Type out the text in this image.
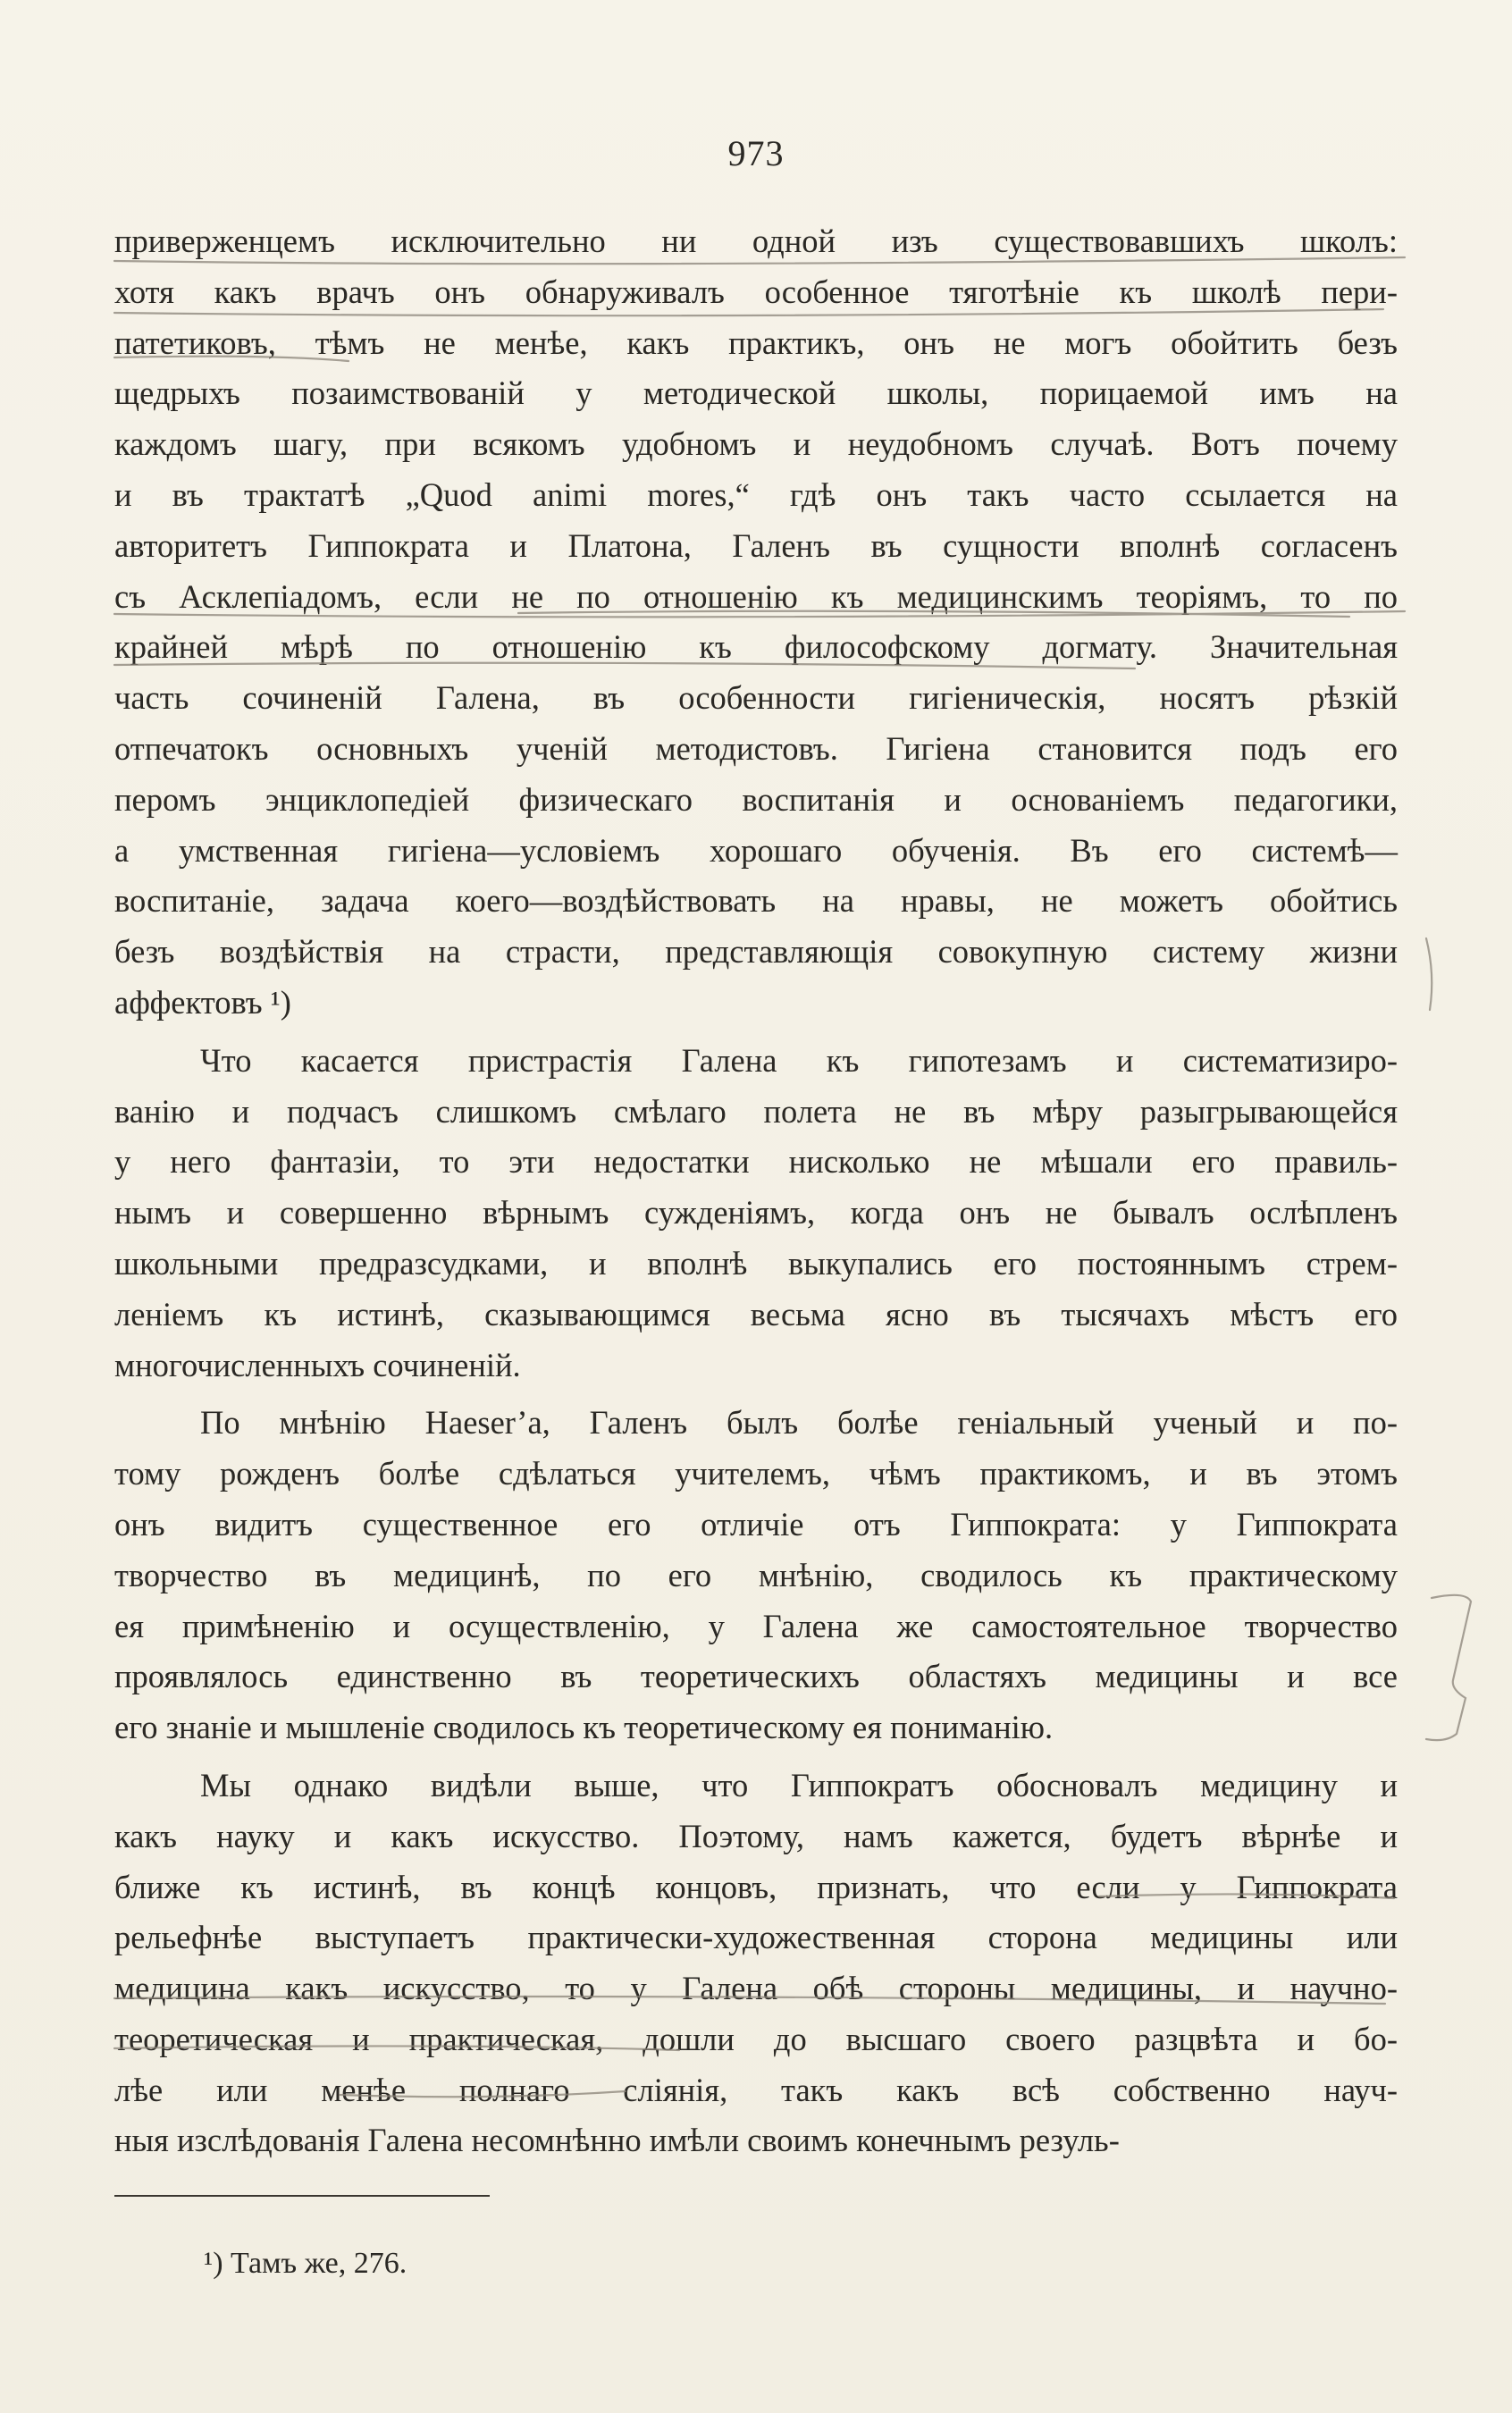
973
приверженцемъ исключительно ни одной изъ существовавшихъ школъ:
хотя какъ врачъ онъ обнаруживалъ особенное тяготѣніе къ школѣ пери-
патетиковъ, тѣмъ не менѣе, какъ практикъ, онъ не могъ обойтить безъ
щедрыхъ позаимствованій у методической школы, порицаемой имъ на
каждомъ шагу, при всякомъ удобномъ и неудобномъ случаѣ. Вотъ почему
и въ трактатѣ „Quod animi mores,“ гдѣ онъ такъ часто ссылается на
авторитетъ Гиппократа и Платона, Галенъ въ сущности вполнѣ согласенъ
съ Асклепіадомъ, если не по отношенію къ медицинскимъ теоріямъ, то по
крайней мѣрѣ по отношенію къ философскому догмату. Значительная
часть сочиненій Галена, въ особенности гигіеническія, носятъ рѣзкій
отпечатокъ основныхъ ученій методистовъ. Гигіена становится подъ его
перомъ энциклопедіей физическаго воспитанія и основаніемъ педагогики,
а умственная гигіена—условіемъ хорошаго обученія. Въ его системѣ—
воспитаніе, задача коего—воздѣйствовать на нравы, не можетъ обойтись
безъ воздѣйствія на страсти, представляющія совокупную систему жизни
аффектовъ ¹)
Что касается пристрастія Галена къ гипотезамъ и систематизиро-
ванію и подчасъ слишкомъ смѣлаго полета не въ мѣру разыгрывающейся
у него фантазіи, то эти недостатки нисколько не мѣшали его правиль-
нымъ и совершенно вѣрнымъ сужденіямъ, когда онъ не бывалъ ослѣпленъ
школьными предразсудками, и вполнѣ выкупались его постояннымъ стрем-
леніемъ къ истинѣ, сказывающимся весьма ясно въ тысячахъ мѣстъ его
многочисленныхъ сочиненій.
По мнѣнію Haeser’а, Галенъ былъ болѣе геніальный ученый и по-
тому рожденъ болѣе сдѣлаться учителемъ, чѣмъ практикомъ, и въ этомъ
онъ видитъ существенное его отличіе отъ Гиппократа: у Гиппократа
творчество въ медицинѣ, по его мнѣнію, сводилось къ практическому
ея примѣненію и осуществленію, у Галена же самостоятельное творчество
проявлялось единственно въ теоретическихъ областяхъ медицины и все
его знаніе и мышленіе сводилось къ теоретическому ея пониманію.
Мы однако видѣли выше, что Гиппократъ обосновалъ медицину и
какъ науку и какъ искусство. Поэтому, намъ кажется, будетъ вѣрнѣе и
ближе къ истинѣ, въ концѣ концовъ, признать, что если у Гиппократа
рельефнѣе выступаетъ практически-художественная сторона медицины или
медицина какъ искусство, то у Галена обѣ стороны медицины, и научно-
теоретическая и практическая, дошли до высшаго своего разцвѣта и бо-
лѣе или менѣе полнаго сліянія, такъ какъ всѣ собственно науч-
ныя изслѣдованія Галена несомнѣнно имѣли своимъ конечнымъ резуль-
¹) Тамъ же, 276.
